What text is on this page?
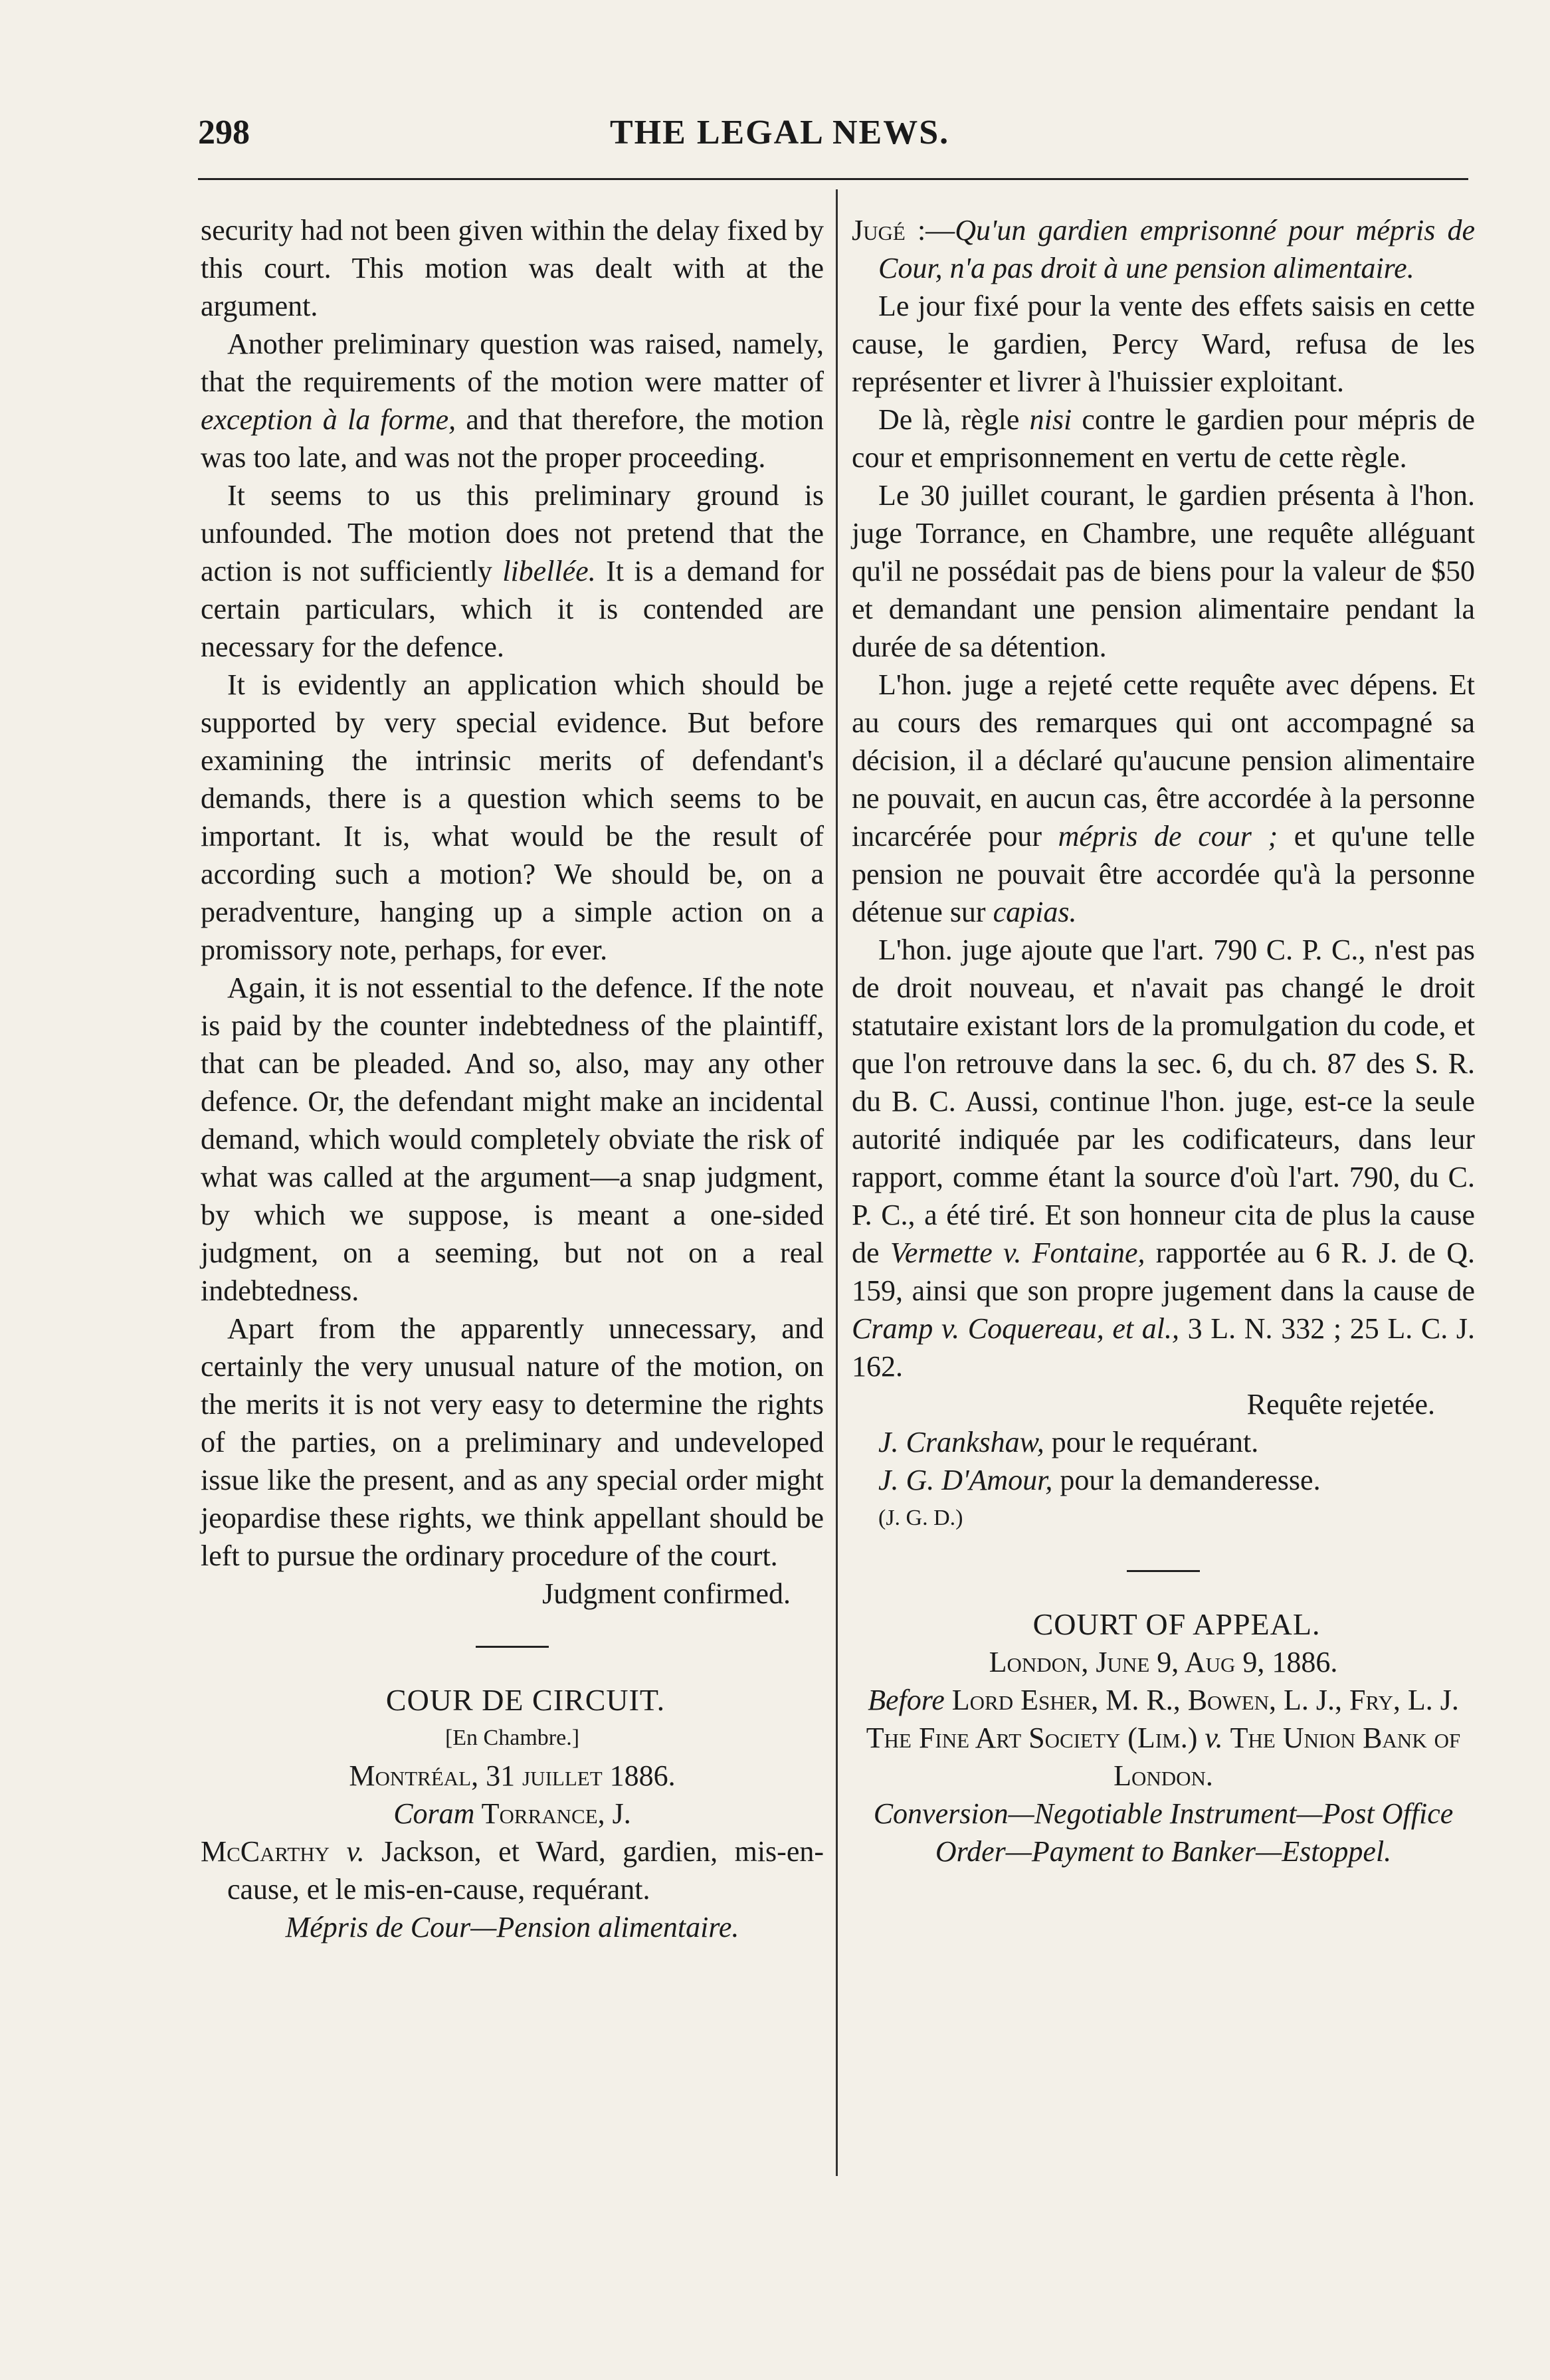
298	THE LEGAL NEWS.

security had not been given within the delay fixed by this court. This motion was dealt with at the argument.

Another preliminary question was raised, namely, that the requirements of the motion were matter of exception à la forme, and that therefore, the motion was too late, and was not the proper proceeding.

It seems to us this preliminary ground is unfounded. The motion does not pretend that the action is not sufficiently libellée. It is a demand for certain particulars, which it is contended are necessary for the defence.

It is evidently an application which should be supported by very special evidence. But before examining the intrinsic merits of defendant's demands, there is a question which seems to be important. It is, what would be the result of according such a motion? We should be, on a peradventure, hanging up a simple action on a promissory note, perhaps, for ever.

Again, it is not essential to the defence. If the note is paid by the counter indebtedness of the plaintiff, that can be pleaded. And so, also, may any other defence. Or, the defendant might make an incidental demand, which would completely obviate the risk of what was called at the argument—a snap judgment, by which we suppose, is meant a one-sided judgment, on a seeming, but not on a real indebtedness.

Apart from the apparently unnecessary, and certainly the very unusual nature of the motion, on the merits it is not very easy to determine the rights of the parties, on a preliminary and undeveloped issue like the present, and as any special order might jeopardise these rights, we think appellant should be left to pursue the ordinary procedure of the court.

Judgment confirmed.

COUR DE CIRCUIT.

[En Chambre.]

Montréal, 31 juillet 1886.

Coram Torrance, J.

McCarthy v. Jackson, et Ward, gardien, mis-en-cause, et le mis-en-cause, requérant.

Mépris de Cour—Pension alimentaire.

Jugé :—Qu'un gardien emprisonné pour mépris de Cour, n'a pas droit à une pension alimentaire.

Le jour fixé pour la vente des effets saisis en cette cause, le gardien, Percy Ward, refusa de les représenter et livrer à l'huissier exploitant.

De là, règle nisi contre le gardien pour mépris de cour et emprisonnement en vertu de cette règle.

Le 30 juillet courant, le gardien présenta à l'hon. juge Torrance, en Chambre, une requête alléguant qu'il ne possédait pas de biens pour la valeur de $50 et demandant une pension alimentaire pendant la durée de sa détention.

L'hon. juge a rejeté cette requête avec dépens. Et au cours des remarques qui ont accompagné sa décision, il a déclaré qu'aucune pension alimentaire ne pouvait, en aucun cas, être accordée à la personne incarcérée pour mépris de cour ; et qu'une telle pension ne pouvait être accordée qu'à la personne détenue sur capias.

L'hon. juge ajoute que l'art. 790 C. P. C., n'est pas de droit nouveau, et n'avait pas changé le droit statutaire existant lors de la promulgation du code, et que l'on retrouve dans la sec. 6, du ch. 87 des S. R. du B. C. Aussi, continue l'hon. juge, est-ce la seule autorité indiquée par les codificateurs, dans leur rapport, comme étant la source d'où l'art. 790, du C. P. C., a été tiré. Et son honneur cita de plus la cause de Vermette v. Fontaine, rapportée au 6 R. J. de Q. 159, ainsi que son propre jugement dans la cause de Cramp v. Coquereau, et al., 3 L. N. 332 ; 25 L. C. J. 162.

Requête rejetée.

J. Crankshaw, pour le requérant.

J. G. D'Amour, pour la demanderesse.

(J. G. D.)

COURT OF APPEAL.

London, June 9, Aug 9, 1886.

Before Lord Esher, M. R., Bowen, L. J., Fry, L. J.

The Fine Art Society (Lim.) v. The Union Bank of London.

Conversion—Negotiable Instrument—Post Office Order—Payment to Banker—Estoppel.
